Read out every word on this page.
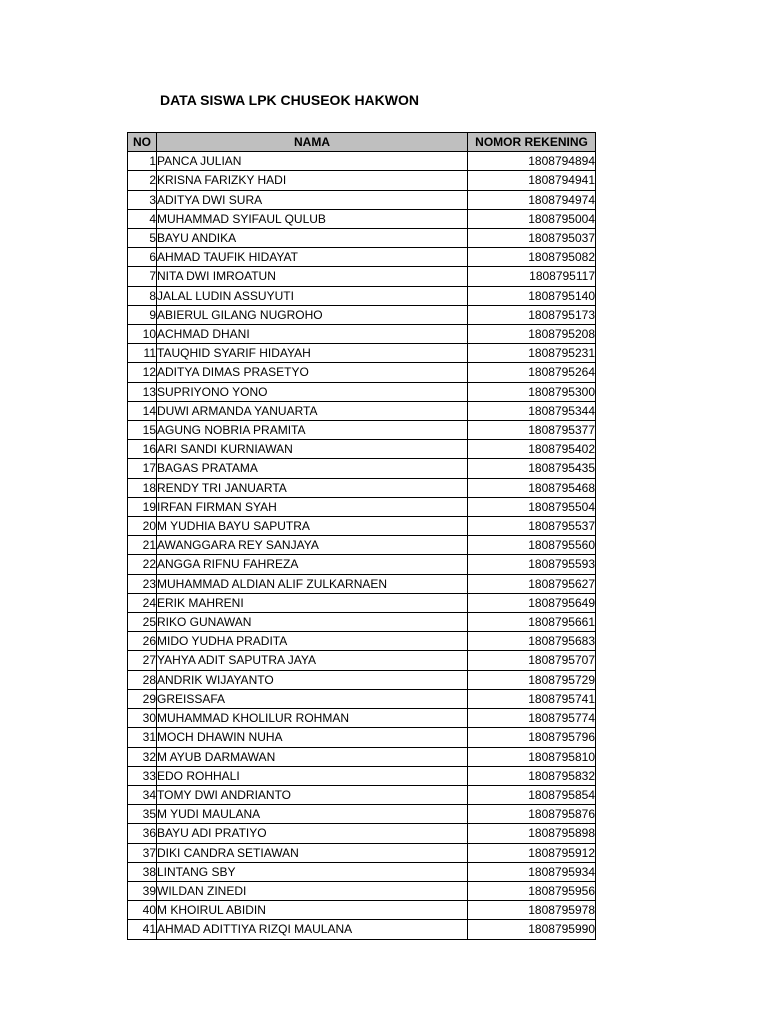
DATA SISWA LPK CHUSEOK HAKWON
NO	NAMA	NOMOR REKENING
1	PANCA JULIAN	1808794894
2	KRISNA FARIZKY HADI	1808794941
3	ADITYA DWI SURA	1808794974
4	MUHAMMAD SYIFAUL QULUB	1808795004
5	BAYU ANDIKA	1808795037
6	AHMAD TAUFIK HIDAYAT	1808795082
7	NITA DWI IMROATUN	1808795117
8	JALAL LUDIN ASSUYUTI	1808795140
9	ABIERUL GILANG NUGROHO	1808795173
10	ACHMAD DHANI	1808795208
11	TAUQHID SYARIF HIDAYAH	1808795231
12	ADITYA DIMAS PRASETYO	1808795264
13	SUPRIYONO YONO	1808795300
14	DUWI ARMANDA YANUARTA	1808795344
15	AGUNG NOBRIA PRAMITA	1808795377
16	ARI SANDI KURNIAWAN	1808795402
17	BAGAS PRATAMA	1808795435
18	RENDY TRI JANUARTA	1808795468
19	IRFAN FIRMAN SYAH	1808795504
20	M YUDHIA BAYU SAPUTRA	1808795537
21	AWANGGARA REY SANJAYA	1808795560
22	ANGGA RIFNU FAHREZA	1808795593
23	MUHAMMAD ALDIAN ALIF ZULKARNAEN	1808795627
24	ERIK MAHRENI	1808795649
25	RIKO GUNAWAN	1808795661
26	MIDO YUDHA PRADITA	1808795683
27	YAHYA ADIT SAPUTRA JAYA	1808795707
28	ANDRIK WIJAYANTO	1808795729
29	GREISSAFA	1808795741
30	MUHAMMAD KHOLILUR ROHMAN	1808795774
31	MOCH DHAWIN NUHA	1808795796
32	M AYUB DARMAWAN	1808795810
33	EDO ROHHALI	1808795832
34	TOMY DWI ANDRIANTO	1808795854
35	M YUDI MAULANA	1808795876
36	BAYU ADI PRATIYO	1808795898
37	DIKI CANDRA SETIAWAN	1808795912
38	LINTANG SBY	1808795934
39	WILDAN ZINEDI	1808795956
40	M KHOIRUL ABIDIN	1808795978
41	AHMAD ADITTIYA RIZQI MAULANA	1808795990
